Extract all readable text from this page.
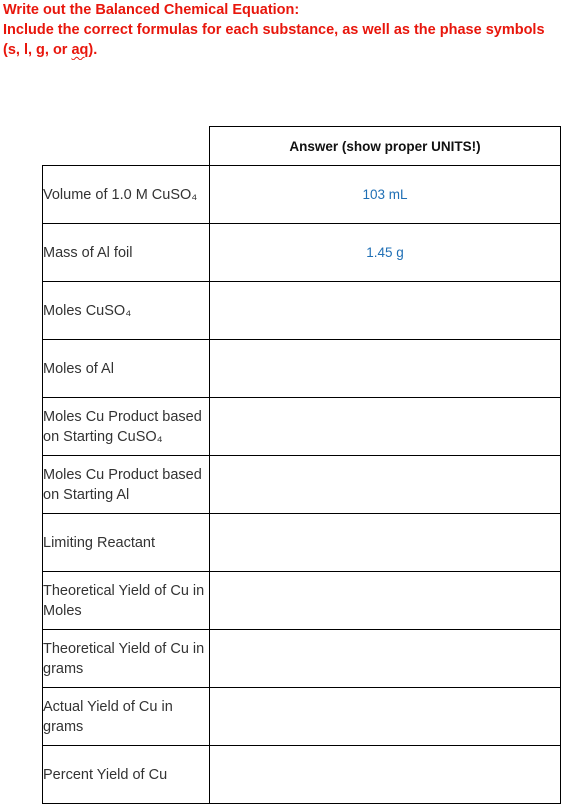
Write out the Balanced Chemical Equation:
Include the correct formulas for each substance, as well as the phase symbols
(s, l, g, or aq).
	Answer (show proper UNITS!)

Volume of 1.0 M CuSO₄	103 mL

Mass of Al foil	1.45 g

Moles CuSO₄	

Moles of Al	

Moles Cu Product based on Starting CuSO₄	

Moles Cu Product based on Starting Al	

Limiting Reactant	

Theoretical Yield of Cu in Moles	

Theoretical Yield of Cu in grams	

Actual Yield of Cu in grams	

Percent Yield of Cu	
